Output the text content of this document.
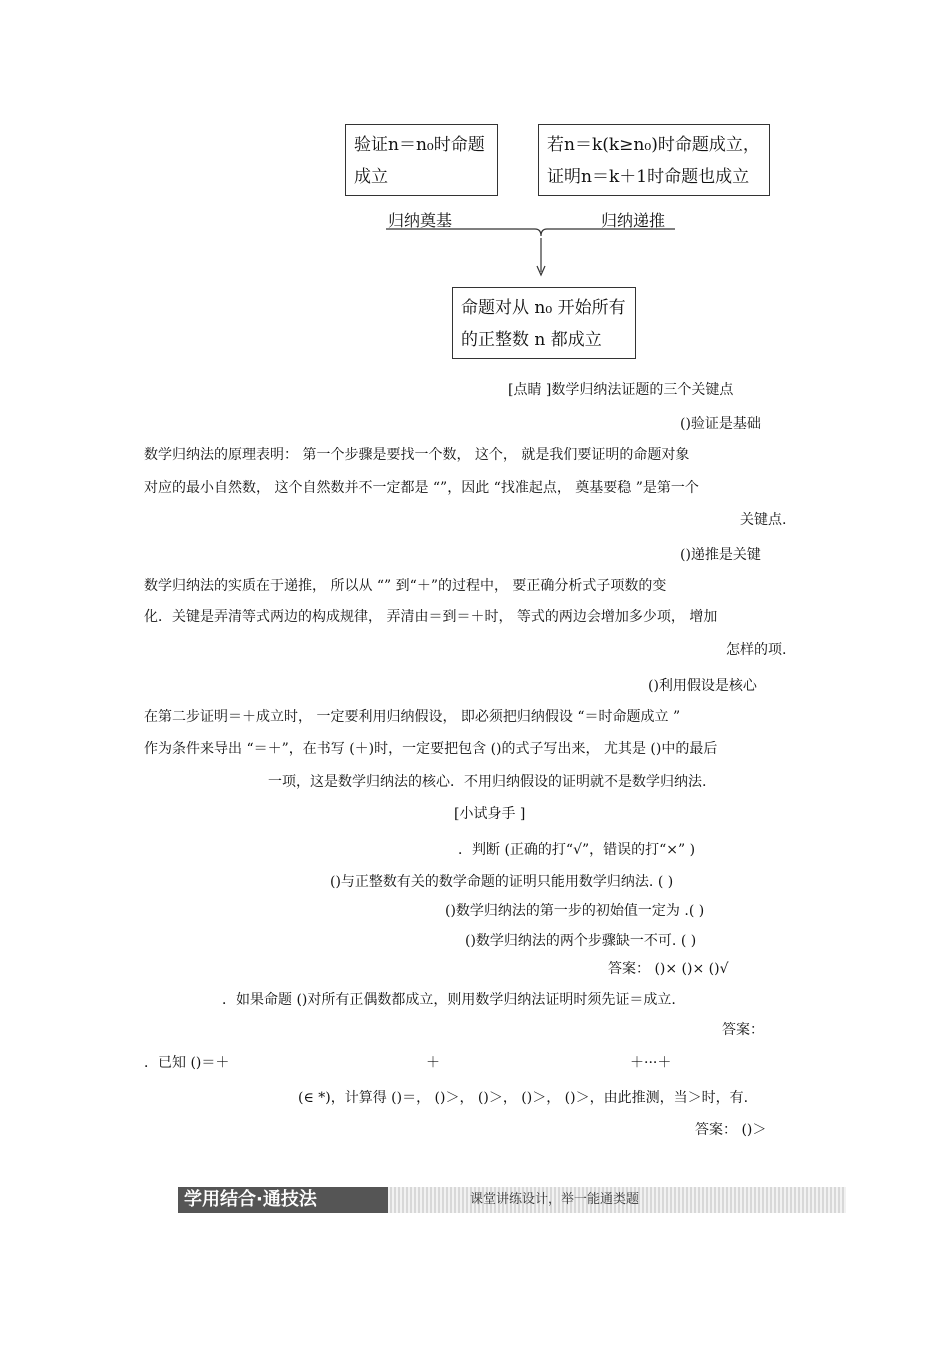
验证n＝n₀时命题
成立
若n＝k(k≥n₀)时命题成立，
证明n＝k＋1时命题也成立
归纳奠基	归纳递推
命题对从 n₀ 开始所有
的正整数 n 都成立
[点睛 ]数学归纳法证题的三个关键点
()验证是基础
数学归纳法的原理表明： 第一个步骤是要找一个数， 这个， 就是我们要证明的命题对象
对应的最小自然数， 这个自然数并不一定都是 “”，因此 “找准起点， 奠基要稳 ”是第一个
关键点.
()递推是关键
数学归纳法的实质在于递推， 所以从 “” 到“＋”的过程中， 要正确分析式子项数的变
化．关键是弄清等式两边的构成规律， 弄清由＝到＝＋时， 等式的两边会增加多少项， 增加
怎样的项.
()利用假设是核心
在第二步证明＝＋成立时， 一定要利用归纳假设， 即必须把归纳假设 “＝时命题成立 ”
作为条件来导出 “＝＋”，在书写 (＋)时，一定要把包含 ()的式子写出来， 尤其是 ()中的最后
一项，这是数学归纳法的核心．不用归纳假设的证明就不是数学归纳法.
[小试身手 ]
．判断 (正确的打“√”，错误的打“×” )
()与正整数有关的数学命题的证明只能用数学归纳法. ( )
()数学归纳法的第一步的初始值一定为 .( )
()数学归纳法的两个步骤缺一不可. ( )
答案： ()× ()× ()√
．如果命题 ()对所有正偶数都成立，则用数学归纳法证明时须先证＝成立.
答案：
．已知 ()＝＋	＋	＋···＋
(∈ *)，计算得 ()＝， ()＞， ()＞， ()＞， ()＞，由此推测，当＞时，有.
答案： ()＞
学用结合·通技法	课堂讲练设计，举一能通类题
